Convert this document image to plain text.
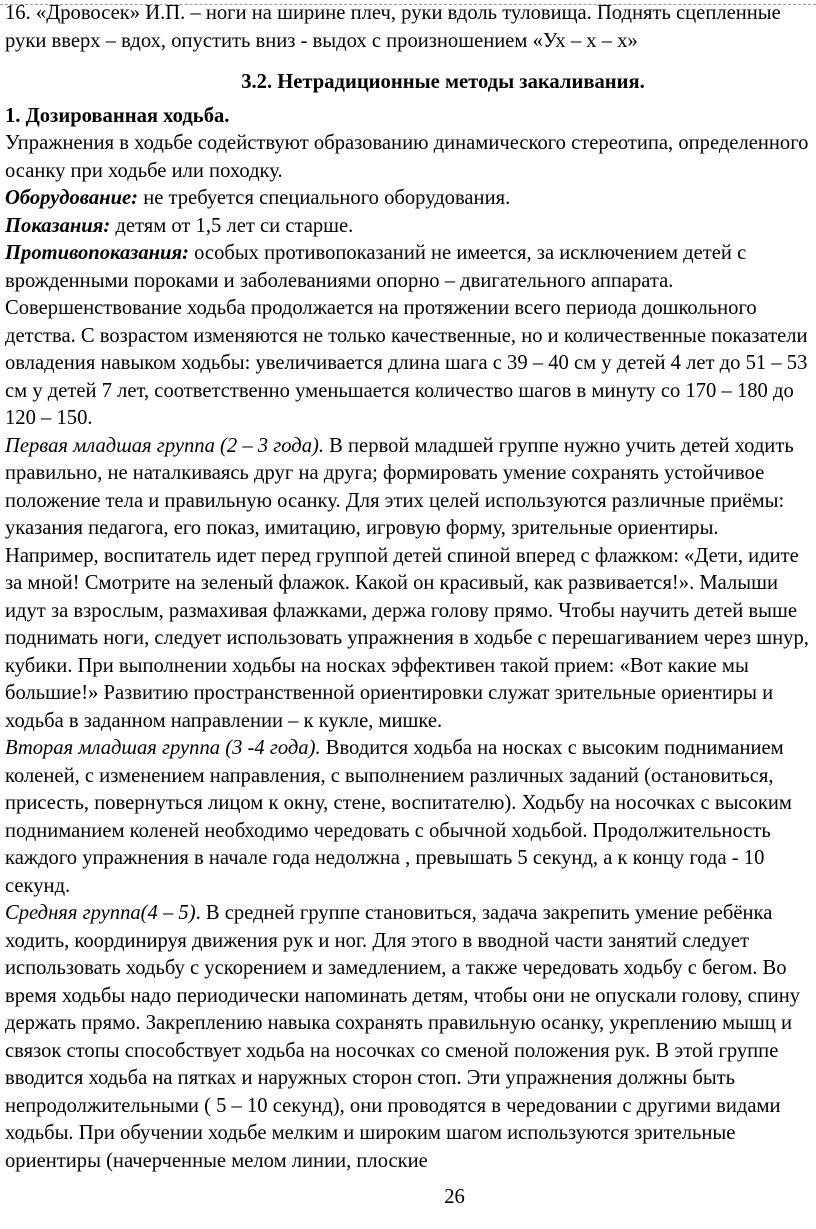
16. «Дровосек» И.П. – ноги на ширине плеч, руки вдоль туловища. Поднять сцепленные руки вверх – вдох, опустить вниз - выдох с произношением «Ух – х – х»

3.2. Нетрадиционные методы закаливания.

1. Дозированная ходьба.

Упражнения в ходьбе содействуют образованию динамического стереотипа, определенного осанку при ходьбе или походку.

Оборудование: не требуется специального оборудования.

Показания: детям от 1,5 лет си старше.

Противопоказания: особых противопоказаний не имеется, за исключением детей с врожденными пороками и заболеваниями опорно – двигательного аппарата.

Совершенствование ходьба продолжается на протяжении всего периода дошкольного детства. С возрастом изменяются не только качественные, но и количественные показатели овладения навыком ходьбы: увеличивается длина шага с 39 – 40 см у детей 4 лет до 51 – 53 см у детей 7 лет, соответственно уменьшается количество шагов в минуту со 170 – 180 до 120 – 150.

Первая младшая группа (2 – 3 года). В первой младшей группе нужно учить детей ходить правильно, не наталкиваясь друг на друга; формировать умение сохранять устойчивое положение тела и правильную осанку. Для этих целей используются различные приёмы: указания педагога, его показ, имитацию, игровую форму, зрительные ориентиры. Например, воспитатель идет перед группой детей спиной вперед с флажком: «Дети, идите за мной! Смотрите на зеленый флажок. Какой он красивый, как развивается!». Малыши идут за взрослым, размахивая флажками, держа голову прямо. Чтобы научить детей выше поднимать ноги, следует использовать упражнения в ходьбе с перешагиванием через шнур, кубики. При выполнении ходьбы на носках эффективен такой прием: «Вот какие мы большие!» Развитию пространственной ориентировки служат зрительные ориентиры и ходьба в заданном направлении – к кукле, мишке.

Вторая младшая группа (3 -4 года). Вводится ходьба на носках с высоким подниманием коленей, с изменением направления, с выполнением различных заданий (остановиться, присесть, повернуться лицом к окну, стене, воспитателю). Ходьбу на носочках с высоким подниманием коленей необходимо чередовать с обычной ходьбой. Продолжительность каждого упражнения в начале года недолжна , превышать 5 секунд, а к концу года - 10 секунд.

Средняя группа(4 – 5). В средней группе становиться, задача закрепить умение ребёнка ходить, координируя движения рук и ног. Для этого в вводной части занятий следует использовать ходьбу с ускорением и замедлением, а также чередовать ходьбу с бегом. Во время ходьбы надо периодически напоминать детям, чтобы они не опускали голову, спину держать прямо. Закреплению навыка сохранять правильную осанку, укреплению мышц и связок стопы способствует ходьба на носочках со сменой положения рук. В этой группе вводится ходьба на пятках и наружных сторон стоп. Эти упражнения должны быть непродолжительными ( 5 – 10 секунд), они проводятся в чередовании с другими видами ходьбы. При обучении ходьбе мелким и широким шагом используются зрительные ориентиры (начерченные мелом линии, плоские

26
